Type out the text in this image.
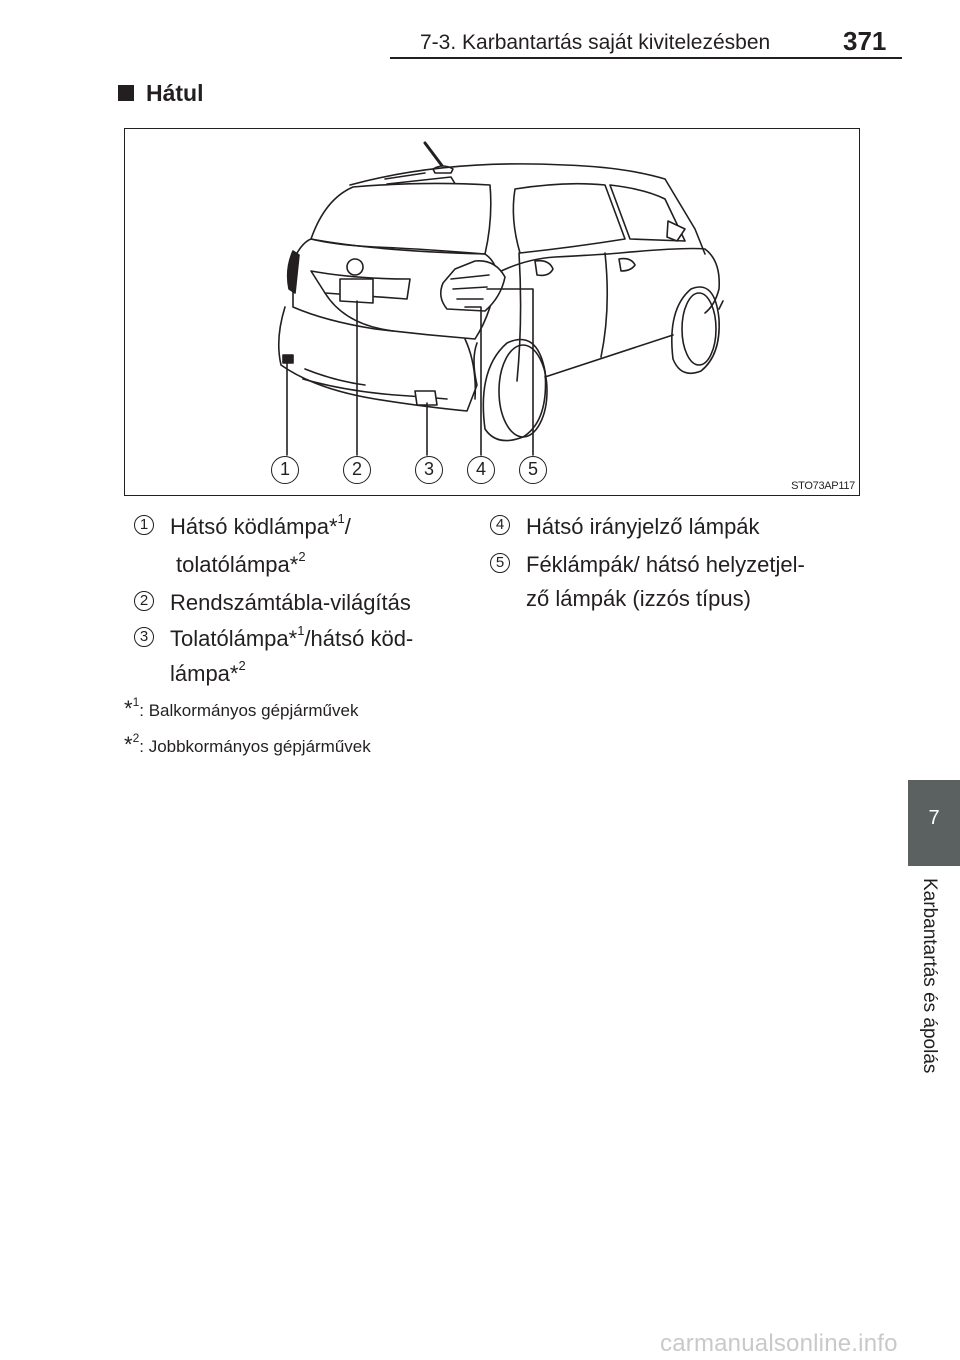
7-3. Karbantartás saját kivitelezésben	371
7
Karbantartás és ápolás
Hátul
1	2	3	4	5
STO73AP117
1 Hátsó ködlámpa*$^1$/
tolatólámpa*$^2$
2 Rendszámtábla-világítás
3 Tolatólámpa*$^1$/hátsó köd-
lámpa*$^2$
4 Hátsó irányjelző lámpák
5 Féklámpák/ hátsó helyzetjel-
ző lámpák (izzós típus)
*$^1$: Balkormányos gépjárművek
*$^2$: Jobbkormányos gépjárművek
carmanualsonline.info
